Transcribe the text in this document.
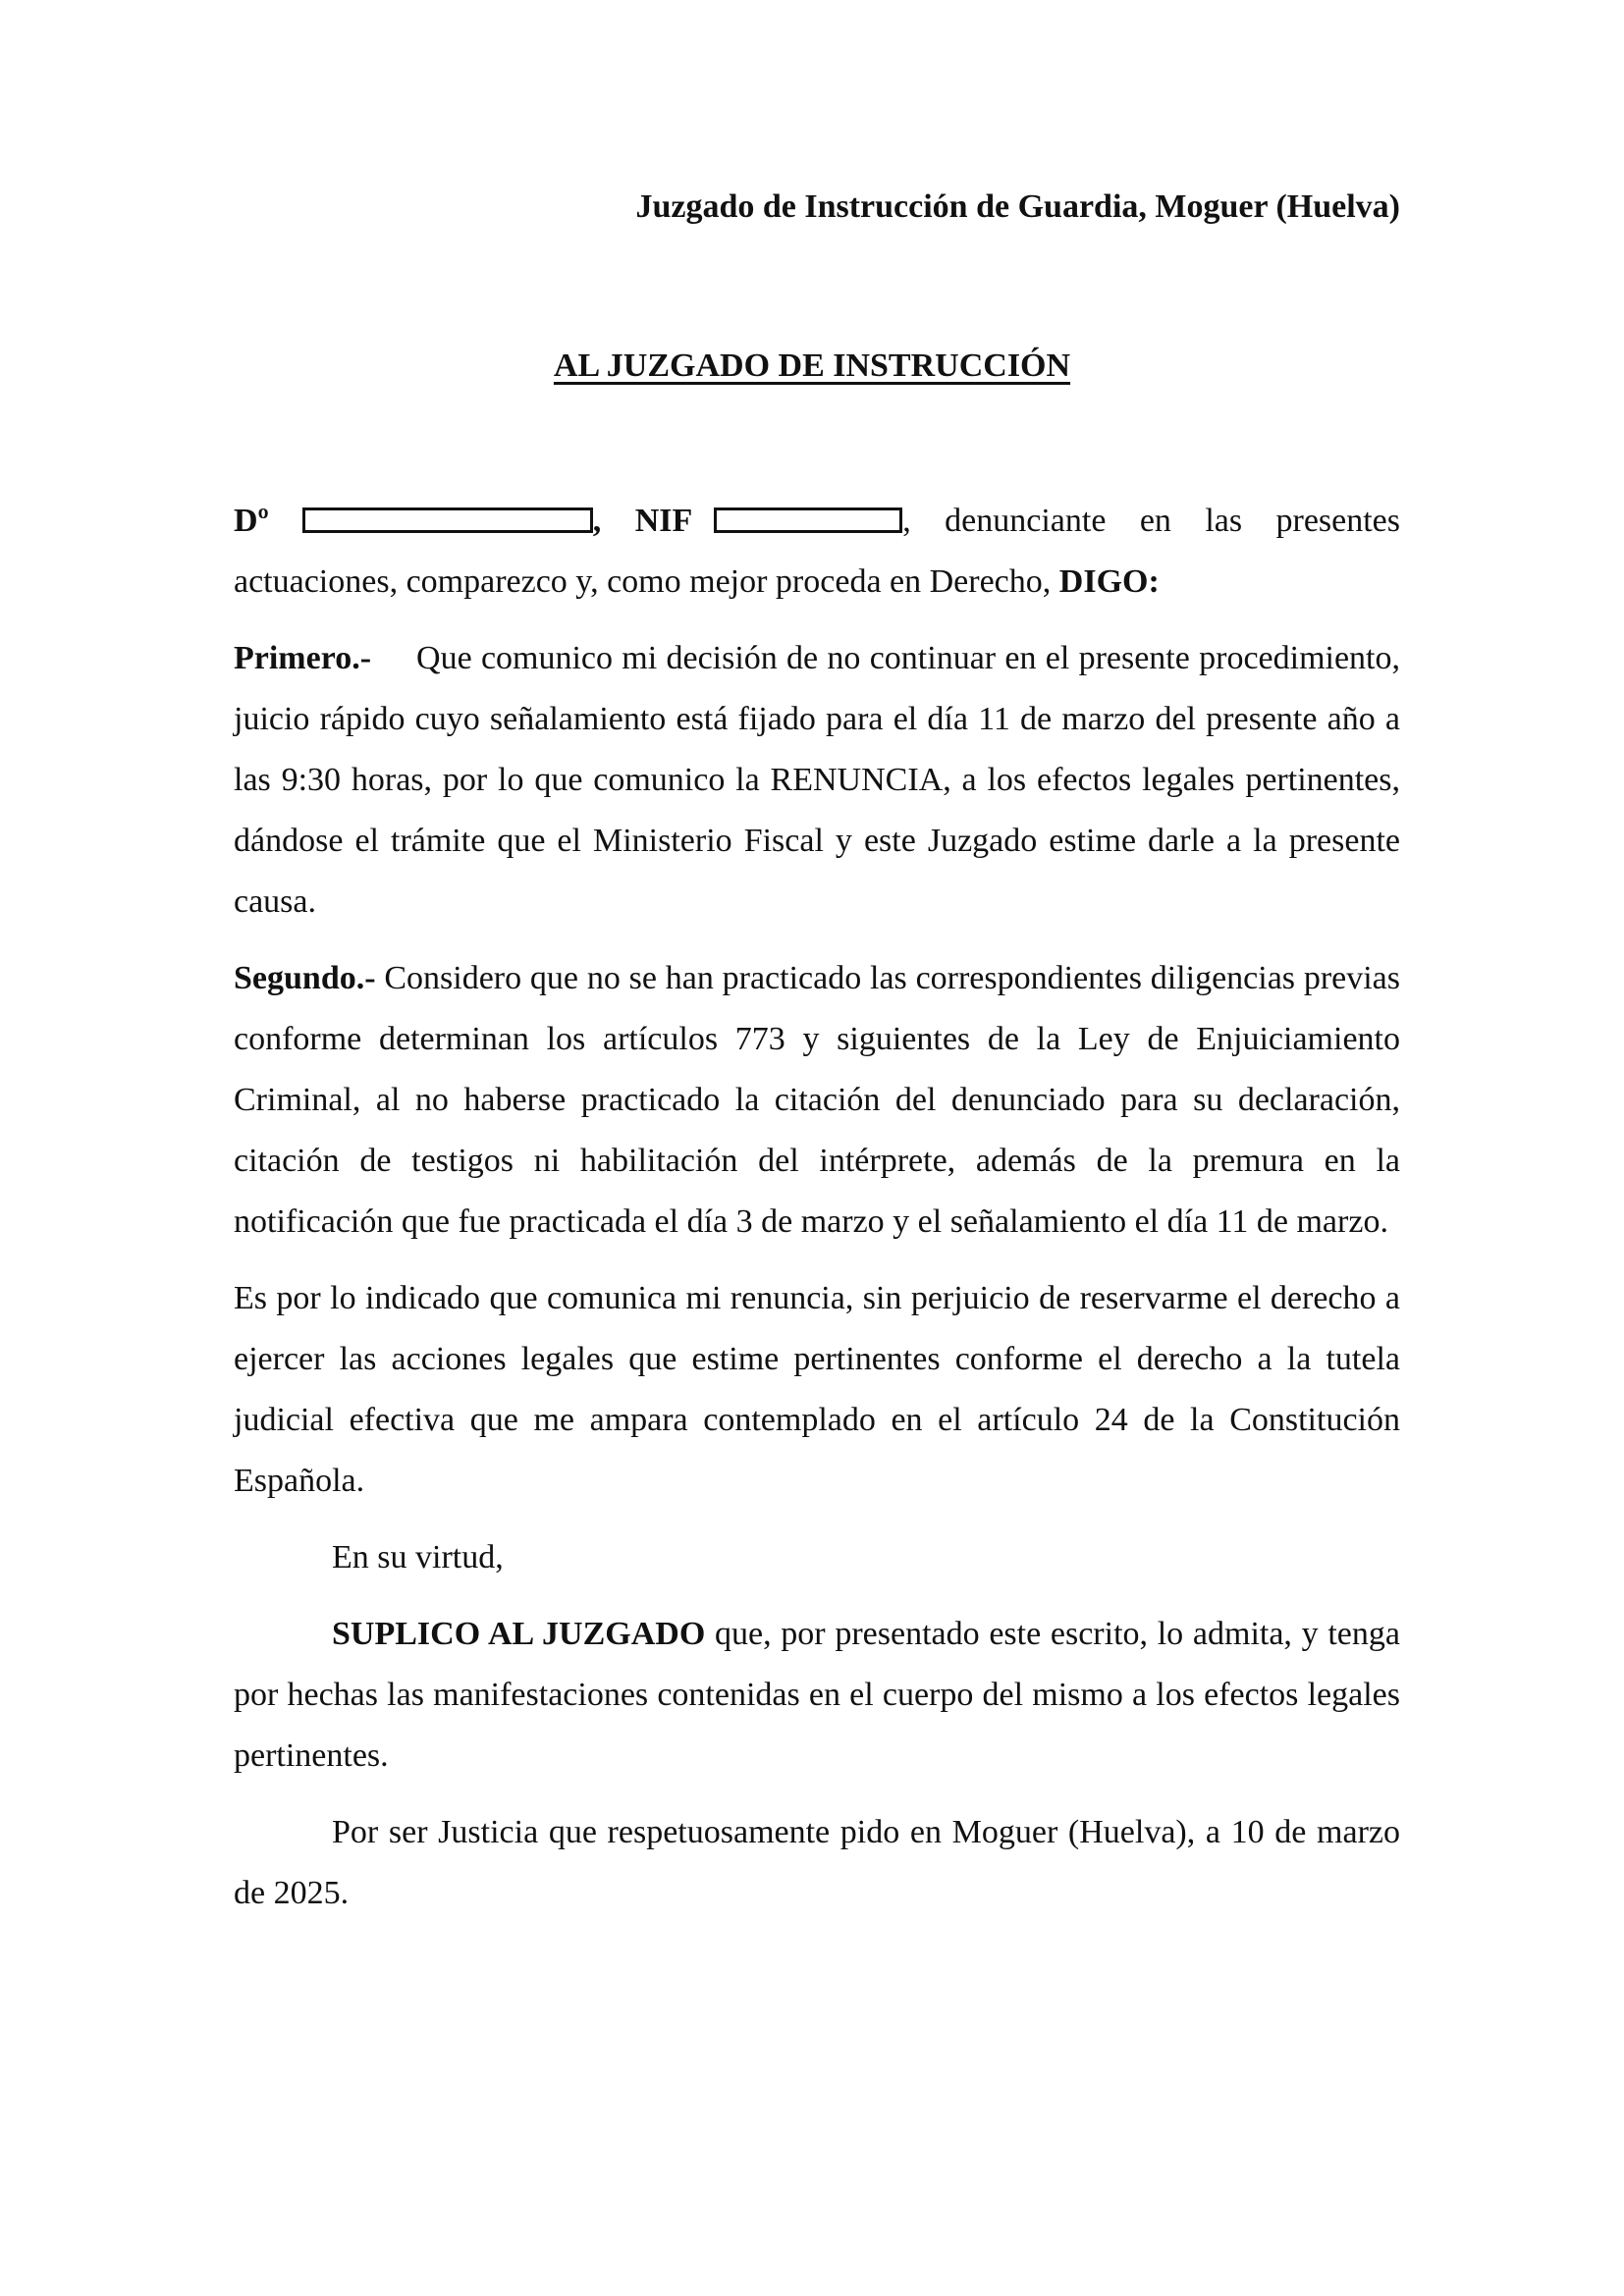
Juzgado de Instrucción de Guardia, Moguer (Huelva)
AL JUZGADO DE INSTRUCCIÓN

Dº	, NIF	, denunciante en las presentes actuaciones, comparezco y, como mejor proceda en Derecho, DIGO:

Primero.- Que comunico mi decisión de no continuar en el presente procedimiento, juicio rápido cuyo señalamiento está fijado para el día 11 de marzo del presente año a las 9:30 horas, por lo que comunico la RENUNCIA, a los efectos legales pertinentes, dándose el trámite que el Ministerio Fiscal y este Juzgado estime darle a la presente causa.

Segundo.- Considero que no se han practicado las correspondientes diligencias previas conforme determinan los artículos 773 y siguientes de la Ley de Enjuiciamiento Criminal, al no haberse practicado la citación del denunciado para su declaración, citación de testigos ni habilitación del intérprete, además de la premura en la notificación que fue practicada el día 3 de marzo y el señalamiento el día 11 de marzo.

Es por lo indicado que comunica mi renuncia, sin perjuicio de reservarme el derecho a ejercer las acciones legales que estime pertinentes conforme el derecho a la tutela judicial efectiva que me ampara contemplado en el artículo 24 de la Constitución Española.

En su virtud,

SUPLICO AL JUZGADO que, por presentado este escrito, lo admita, y tenga por hechas las manifestaciones contenidas en el cuerpo del mismo a los efectos legales pertinentes.

Por ser Justicia que respetuosamente pido en Moguer (Huelva), a 10 de marzo de 2025.
